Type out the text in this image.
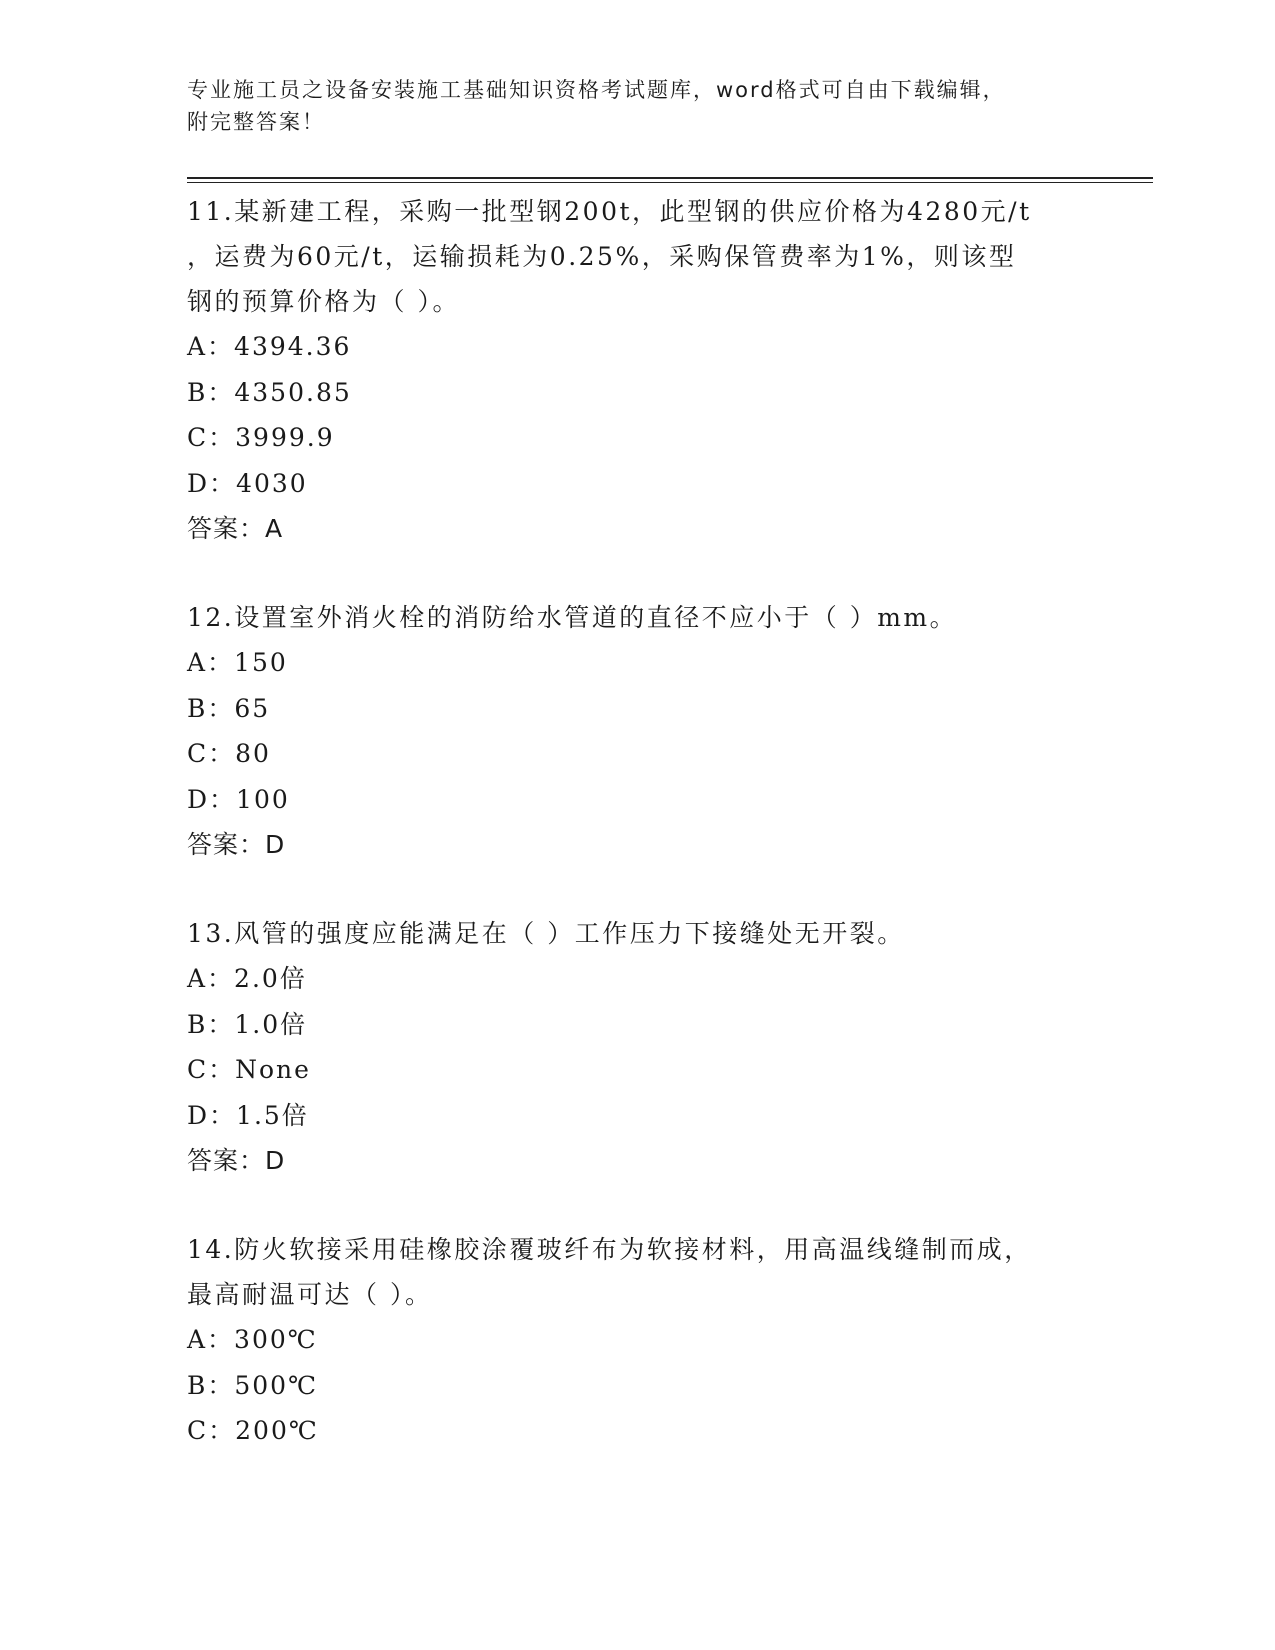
专业施工员之设备安装施工基础知识资格考试题库，word格式可自由下载编辑，
附完整答案！

11.某新建工程，采购一批型钢200t，此型钢的供应价格为4280元/t

，运费为60元/t，运输损耗为0.25%，采购保管费率为1%，则该型

钢的预算价格为（ ）。

A：4394.36

B：4350.85

C：3999.9

D：4030

答案：A

12.设置室外消火栓的消防给水管道的直径不应小于（ ）mm。

A：150

B：65

C：80

D：100

答案：D

13.风管的强度应能满足在（ ）工作压力下接缝处无开裂。

A：2.0倍

B：1.0倍

C：None

D：1.5倍

答案：D

14.防火软接采用硅橡胶涂覆玻纤布为软接材料，用高温线缝制而成，

最高耐温可达（ ）。

A：300℃

B：500℃

C：200℃
